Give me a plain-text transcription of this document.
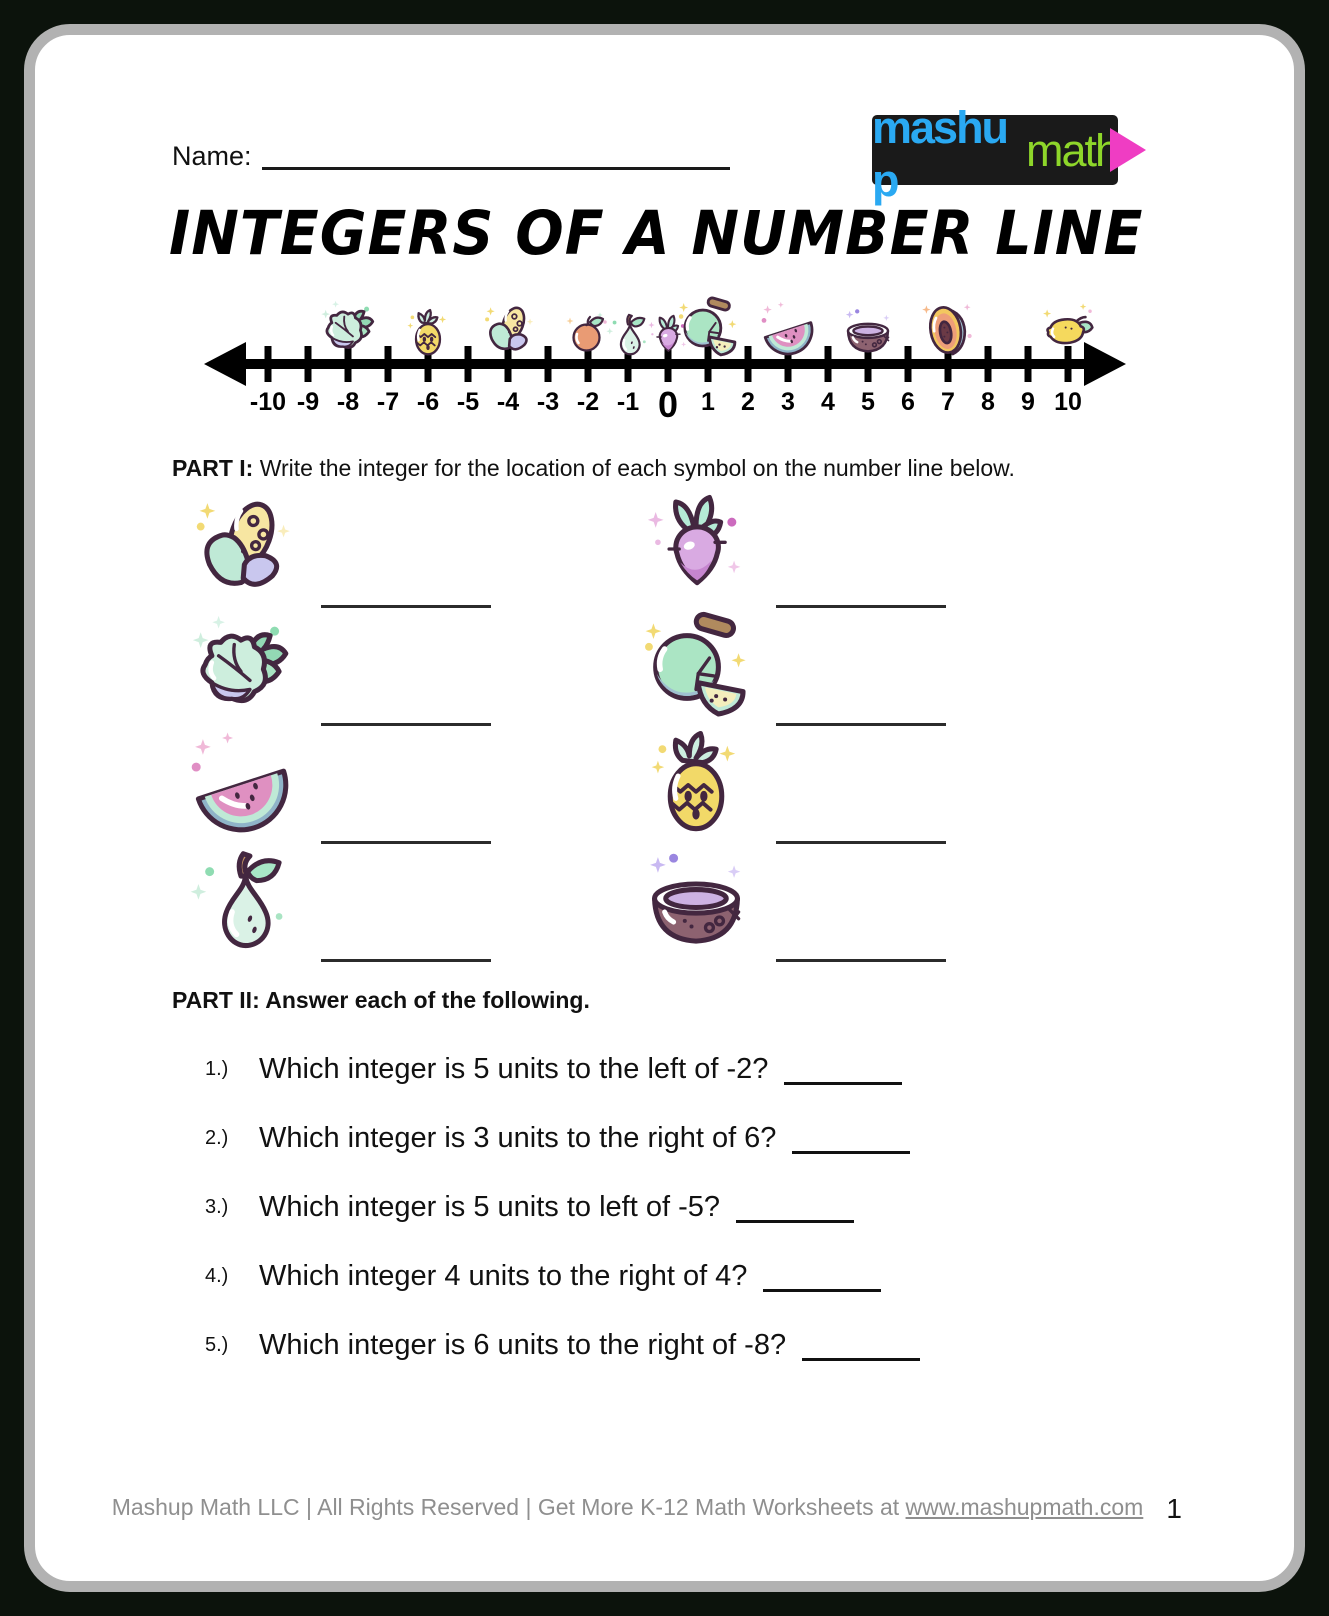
Name:
mashup
math
INTEGERS OF A NUMBER LINE
-10 -9 -8 -7 -6 -5 -4 -3 -2 -1 0 1 2 3 4 5 6 7 8 9 10
PART I: Write the integer for the location of each symbol on the number line below.
PART II: Answer each of the following.
1.)	Which integer is 5 units to the left of -2?
2.)	Which integer is 3 units to the right of 6?
3.)	Which integer is 5 units to left of -5?
4.)	Which integer 4 units to the right of 4?
5.)	Which integer is 6 units to the right of -8?
Mashup Math LLC | All Rights Reserved | Get More K-12 Math Worksheets at www.mashupmath.com 1
